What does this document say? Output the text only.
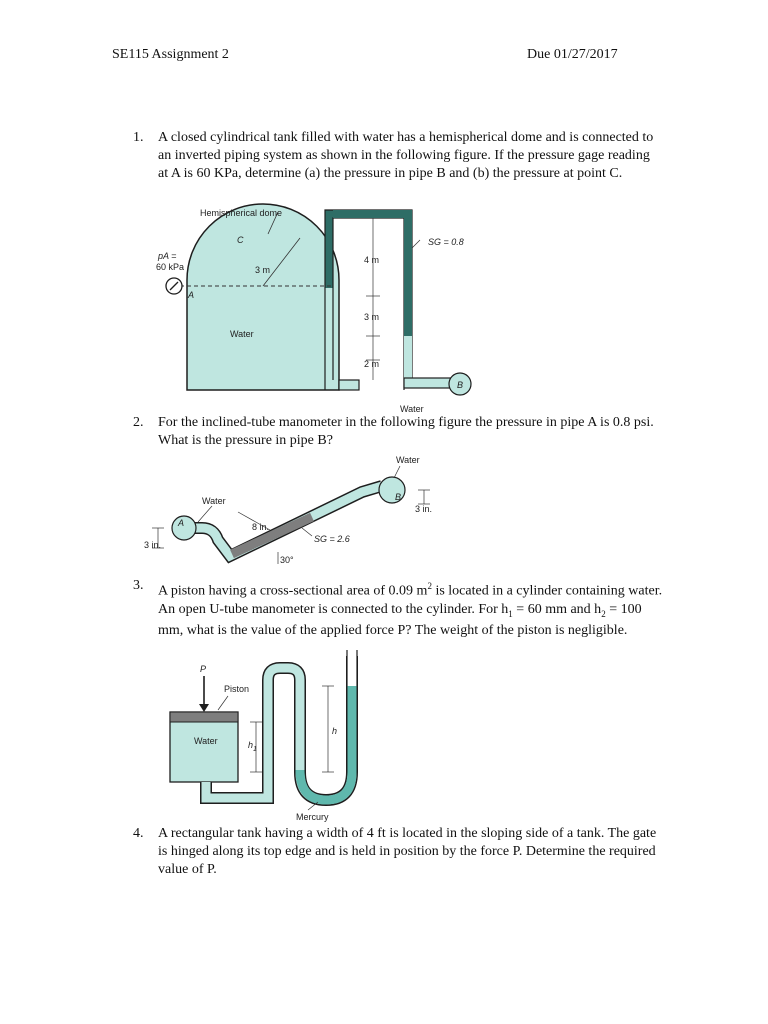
SE115 Assignment 2	Due 01/27/2017
1. A closed cylindrical tank filled with water has a hemispherical dome and is connected to an inverted piping system as shown in the following figure. If the pressure gage reading at A is 60 KPa, determine (a) the pressure in pipe B and (b) the pressure at point C.
Hemispherical dome
C
pA =
60 kPa	3 m
A
Water
SG = 0.8
4 m
3 m
2 m
B
Water
2. For the inclined-tube manometer in the following figure the pressure in pipe A is 0.8 psi. What is the pressure in pipe B?
Water
Water	B
A
3 in.
8 in.
3 in.
SG = 2.6
30°
3. A piston having a cross-sectional area of 0.09 $m^2$ is located in a cylinder containing water. An open U-tube manometer is connected to the cylinder. For $h_1 = 60$ mm and $h_2 = 100$ mm, what is the value of the applied force P? The weight of the piston is negligible.
P
Piston
Water	$h_1$
h
Mercury
4. A rectangular tank having a width of 4 ft is located in the sloping side of a tank. The gate is hinged along its top edge and is held in position by the force P. Determine the required value of P.
